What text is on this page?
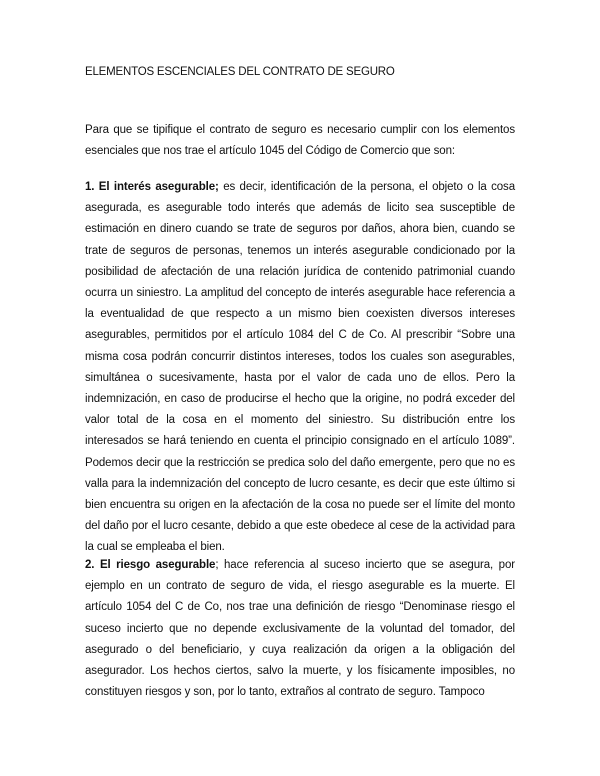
ELEMENTOS ESCENCIALES DEL CONTRATO DE SEGURO

Para que se tipifique el contrato de seguro es necesario cumplir con los elementos esenciales que nos trae el artículo 1045 del Código de Comercio que son:

1. El interés asegurable; es decir, identificación de la persona, el objeto o la cosa asegurada, es asegurable todo interés que además de licito sea susceptible de estimación en dinero cuando se trate de seguros por daños, ahora bien, cuando se trate de seguros de personas, tenemos un interés asegurable condicionado por la posibilidad de afectación de una relación jurídica de contenido patrimonial cuando ocurra un siniestro. La amplitud del concepto de interés asegurable hace referencia a la eventualidad de que respecto a un mismo bien coexisten diversos intereses asegurables, permitidos por el artículo 1084 del C de Co. Al prescribir “Sobre una misma cosa podrán concurrir distintos intereses, todos los cuales son asegurables, simultánea o sucesivamente, hasta por el valor de cada uno de ellos. Pero la indemnización, en caso de producirse el hecho que la origine, no podrá exceder del valor total de la cosa en el momento del siniestro. Su distribución entre los interesados se hará teniendo en cuenta el principio consignado en el artículo 1089”. Podemos decir que la restricción se predica solo del daño emergente, pero que no es valla para la indemnización del concepto de lucro cesante, es decir que este último si bien encuentra su origen en la afectación de la cosa no puede ser el límite del monto del daño por el lucro cesante, debido a que este obedece al cese de la actividad para la cual se empleaba el bien.

2. El riesgo asegurable; hace referencia al suceso incierto que se asegura, por ejemplo en un contrato de seguro de vida, el riesgo asegurable es la muerte. El artículo 1054 del C de Co, nos trae una definición de riesgo “Denominase riesgo el suceso incierto que no depende exclusivamente de la voluntad del tomador, del asegurado o del beneficiario, y cuya realización da origen a la obligación del asegurador. Los hechos ciertos, salvo la muerte, y los físicamente imposibles, no constituyen riesgos y son, por lo tanto, extraños al contrato de seguro. Tampoco
